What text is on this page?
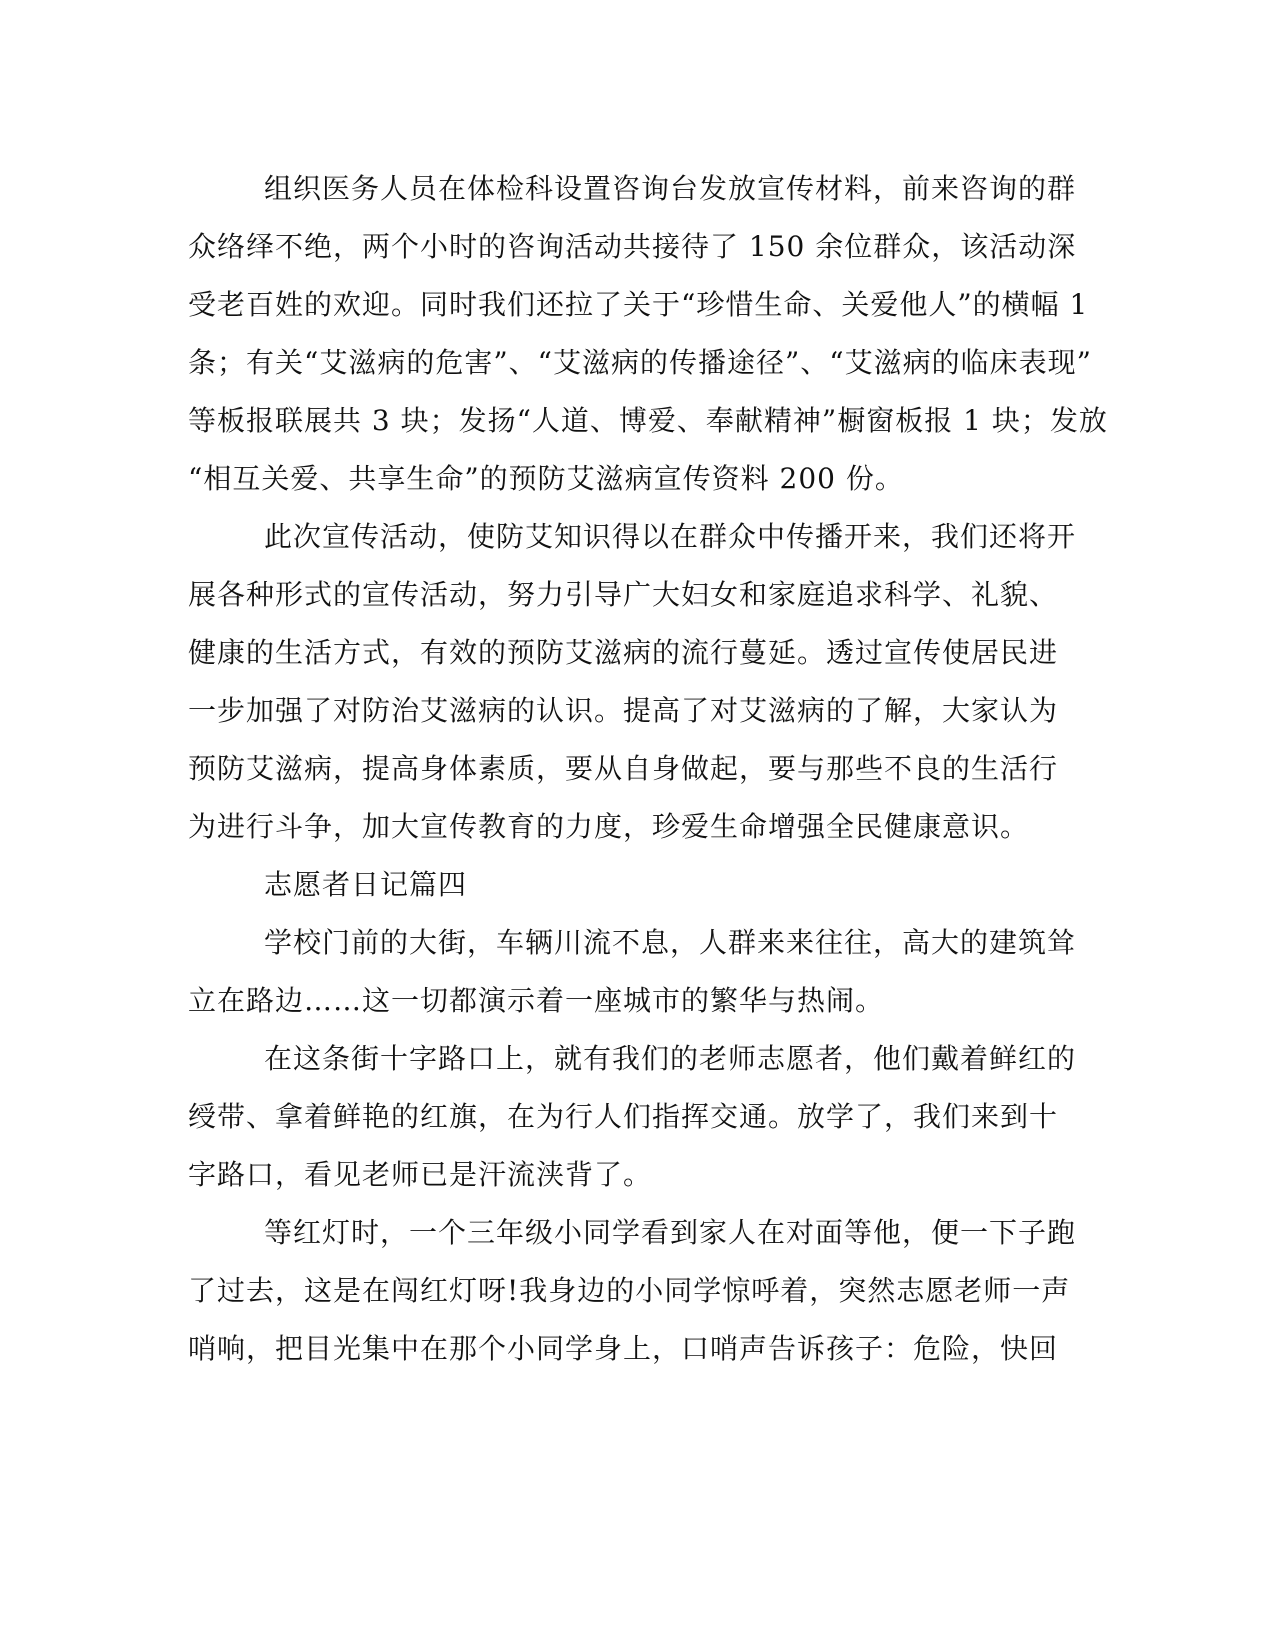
组织医务人员在体检科设置咨询台发放宣传材料，前来咨询的群
众络绎不绝，两个小时的咨询活动共接待了 150 余位群众，该活动深
受老百姓的欢迎。同时我们还拉了关于“珍惜生命、关爱他人”的横幅 1
条；有关“艾滋病的危害”、“艾滋病的传播途径”、“艾滋病的临床表现”
等板报联展共 3 块；发扬“人道、博爱、奉献精神”橱窗板报 1 块；发放
“相互关爱、共享生命”的预防艾滋病宣传资料 200 份。
此次宣传活动，使防艾知识得以在群众中传播开来，我们还将开
展各种形式的宣传活动，努力引导广大妇女和家庭追求科学、礼貌、
健康的生活方式，有效的预防艾滋病的流行蔓延。透过宣传使居民进
一步加强了对防治艾滋病的认识。提高了对艾滋病的了解，大家认为
预防艾滋病，提高身体素质，要从自身做起，要与那些不良的生活行
为进行斗争，加大宣传教育的力度，珍爱生命增强全民健康意识。
志愿者日记篇四
学校门前的大街，车辆川流不息，人群来来往往，高大的建筑耸
立在路边……这一切都演示着一座城市的繁华与热闹。
在这条街十字路口上，就有我们的老师志愿者，他们戴着鲜红的
绶带、拿着鲜艳的红旗，在为行人们指挥交通。放学了，我们来到十
字路口，看见老师已是汗流浃背了。
等红灯时，一个三年级小同学看到家人在对面等他，便一下子跑
了过去，这是在闯红灯呀!我身边的小同学惊呼着，突然志愿老师一声
哨响，把目光集中在那个小同学身上，口哨声告诉孩子：危险，快回
